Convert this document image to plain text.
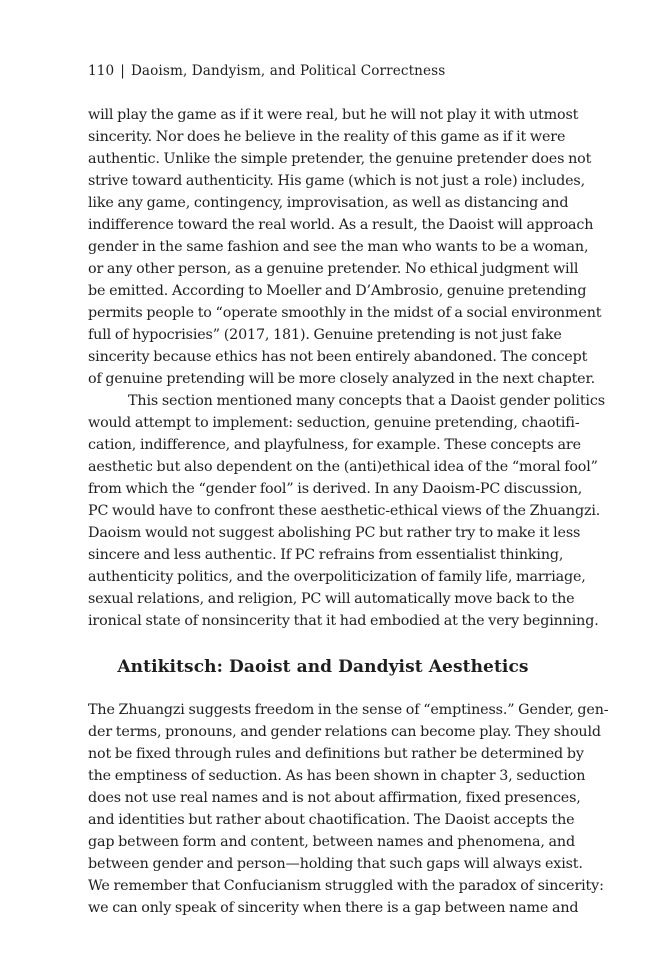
110 | Daoism, Dandyism, and Political Correctness
will play the game as if it were real, but he will not play it with utmost
sincerity. Nor does he believe in the reality of this game as if it were
authentic. Unlike the simple pretender, the genuine pretender does not
strive toward authenticity. His game (which is not just a role) includes,
like any game, contingency, improvisation, as well as distancing and
indifference toward the real world. As a result, the Daoist will approach
gender in the same fashion and see the man who wants to be a woman,
or any other person, as a genuine pretender. No ethical judgment will
be emitted. According to Moeller and D’Ambrosio, genuine pretending
permits people to “operate smoothly in the midst of a social environment
full of hypocrisies” (2017, 181). Genuine pretending is not just fake
sincerity because ethics has not been entirely abandoned. The concept
of genuine pretending will be more closely analyzed in the next chapter.
This section mentioned many concepts that a Daoist gender politics
would attempt to implement: seduction, genuine pretending, chaotifi-
cation, indifference, and playfulness, for example. These concepts are
aesthetic but also dependent on the (anti)ethical idea of the “moral fool”
from which the “gender fool” is derived. In any Daoism-PC discussion,
PC would have to confront these aesthetic-ethical views of the Zhuangzi.
Daoism would not suggest abolishing PC but rather try to make it less
sincere and less authentic. If PC refrains from essentialist thinking,
authenticity politics, and the overpoliticization of family life, marriage,
sexual relations, and religion, PC will automatically move back to the
ironical state of nonsincerity that it had embodied at the very beginning.
Antikitsch: Daoist and Dandyist Aesthetics
The Zhuangzi suggests freedom in the sense of “emptiness.” Gender, gen-
der terms, pronouns, and gender relations can become play. They should
not be fixed through rules and definitions but rather be determined by
the emptiness of seduction. As has been shown in chapter 3, seduction
does not use real names and is not about affirmation, fixed presences,
and identities but rather about chaotification. The Daoist accepts the
gap between form and content, between names and phenomena, and
between gender and person—holding that such gaps will always exist.
We remember that Confucianism struggled with the paradox of sincerity:
we can only speak of sincerity when there is a gap between name and
